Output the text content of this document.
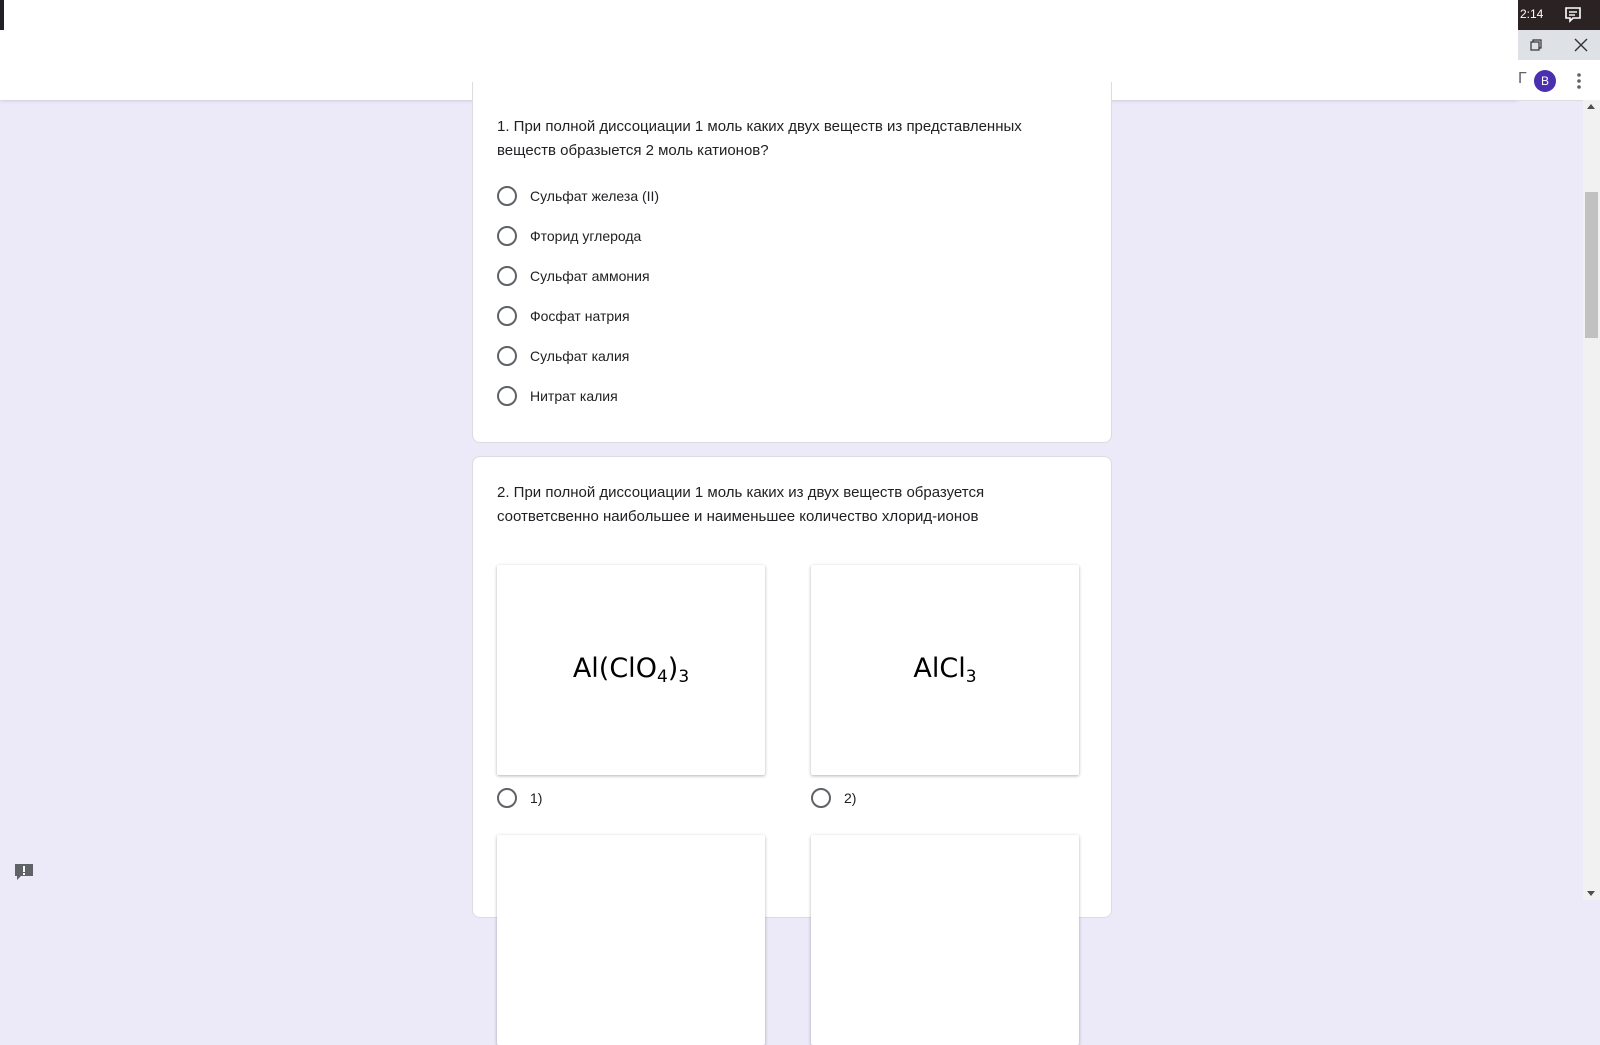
2:14
Г	В
1. При полной диссоциации 1 моль каких двух веществ из представленных веществ образыется 2 моль катионов?
Сульфат железа (II)
Фторид углерода
Сульфат аммония
Фосфат натрия
Сульфат калия
Нитрат калия
2. При полной диссоциации 1 моль каких из двух веществ образуется соответсвенно наибольшее и наименьшее количество хлорид-ионов
$Al(ClO_4)_3$	AlCl$_3$
1)	2)
